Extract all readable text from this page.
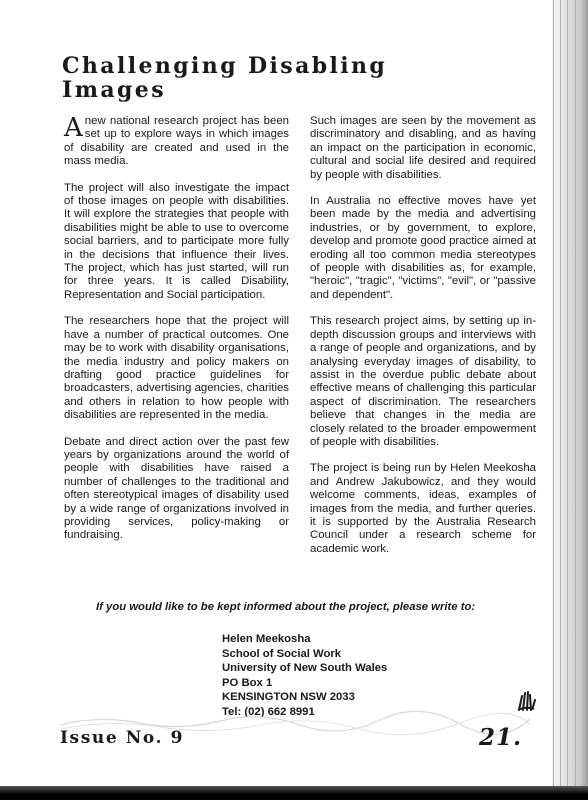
Challenging Disabling
Images

Anew national research project has been set up to explore ways in which images of disability are created and used in the mass media.

The project will also investigate the impact of those images on people with disabilities. It will explore the strategies that people with disabilities might be able to use to overcome social barriers, and to participate more fully in the decisions that influence their lives. The project, which has just started, will run for three years. It is called Disability, Representation and Social participation.

The researchers hope that the project will have a number of practical outcomes. One may be to work with disability organisations, the media industry and policy makers on drafting good practice guidelines for broadcasters, advertising agencies, charities and others in relation to how people with disabilities are represented in the media.

Debate and direct action over the past few years by organizations around the world of people with disabilities have raised a number of challenges to the traditional and often stereotypical images of disability used by a wide range of organizations involved in providing services, policy-making or fundraising.

Such images are seen by the movement as discriminatory and disabling, and as having an impact on the participation in economic, cultural and social life desired and required by people with disabilities.

In Australia no effective moves have yet been made by the media and advertising industries, or by government, to explore, develop and promote good practice aimed at eroding all too common media stereotypes of people with disabilities as, for example, "heroic", "tragic", "victims", "evil", or "passive and dependent".

This research project aims, by setting up in-depth discussion groups and interviews with a range of people and organizations, and by analysing everyday images of disability, to assist in the overdue public debate about effective means of challenging this particular aspect of discrimination. The researchers believe that changes in the media are closely related to the broader empowerment of people with disabilities.

The project is being run by Helen Meekosha and Andrew Jakubowicz, and they would welcome comments, ideas, examples of images from the media, and further queries. it is supported by the Australia Research Council under a research scheme for academic work.

If you would like to be kept informed about the project, please write to:

Helen Meekosha
School of Social Work
University of New South Wales
PO Box 1
KENSINGTON NSW 2033
Tel: (02) 662 8991

Issue No. 9	21.
